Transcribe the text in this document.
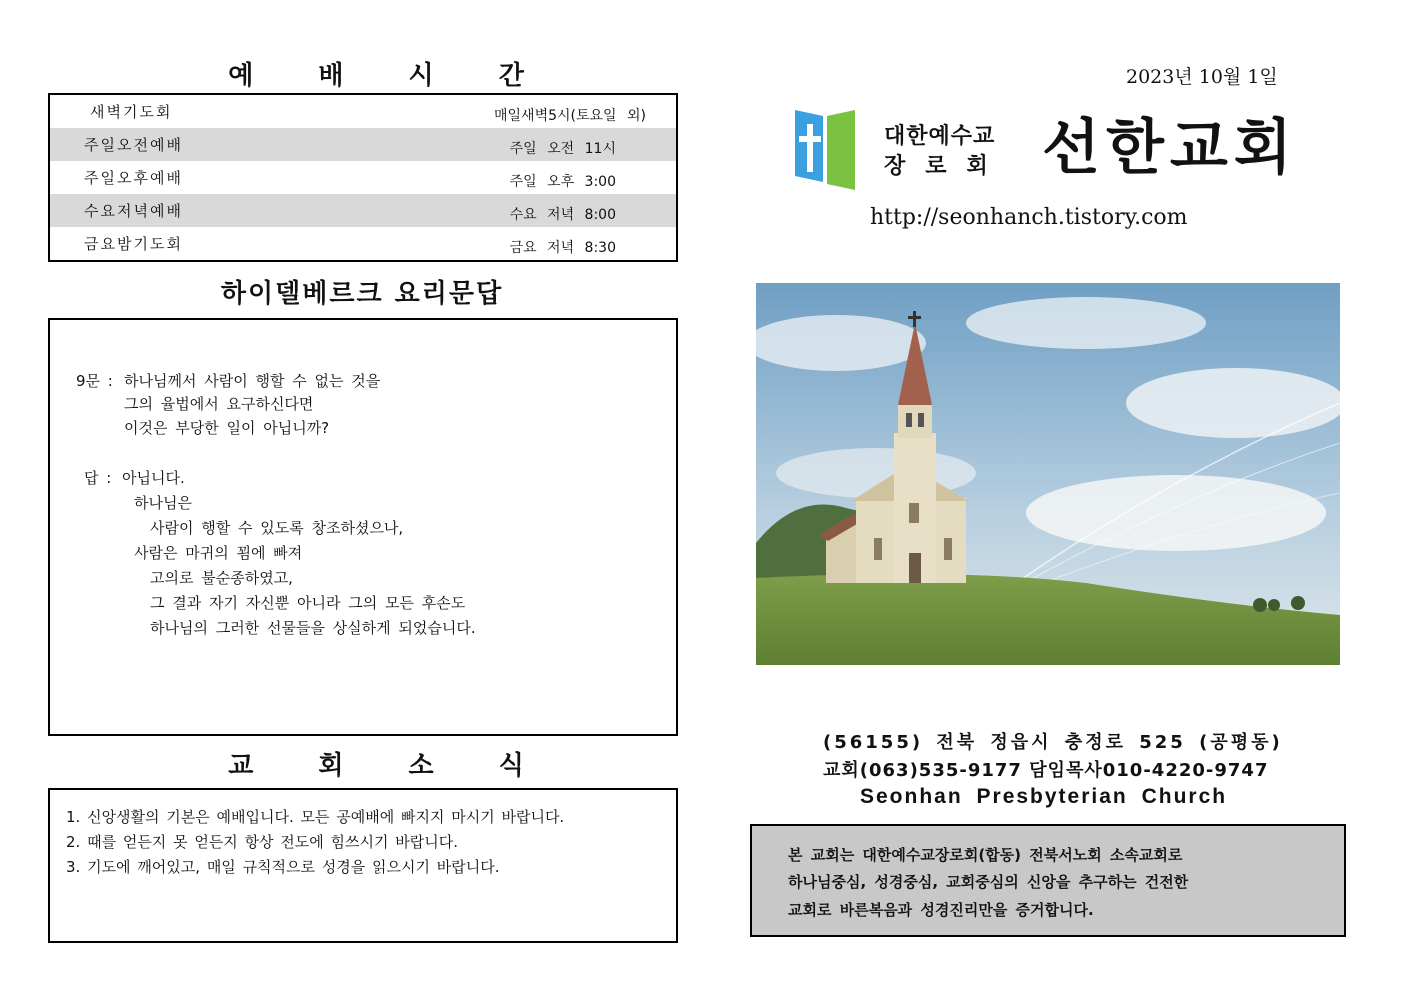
예 배 시 간
새벽기도회	매일새벽5시(토요일 외)
주일오전예배	주일 오전 11시
주일오후예배	주일 오후 3:00
수요저녁예배	수요 저녁 8:00
금요밤기도회	금요 저녁 8:30
하이델베르크 요리문답
9문 : 하나님께서 사람이 행할 수 없는 것을
그의 율법에서 요구하신다면
이것은 부당한 일이 아닙니까?
답 : 아닙니다.
하나님은
사람이 행할 수 있도록 창조하셨으나,
사람은 마귀의 꾐에 빠져
고의로 불순종하였고,
그 결과 자기 자신뿐 아니라 그의 모든 후손도
하나님의 그러한 선물들을 상실하게 되었습니다.
교 회 소 식
1. 신앙생활의 기본은 예배입니다. 모든 공예배에 빠지지 마시기 바랍니다.
2. 때를 얻든지 못 얻든지 항상 전도에 힘쓰시기 바랍니다.
3. 기도에 깨어있고, 매일 규칙적으로 성경을 읽으시기 바랍니다.
2023년 10월 1일
대한예수교
장로회 선한교회
http://seonhanch.tistory.com
(56155) 전북 정읍시 충정로 525 (공평동)
교회(063)535-9177 담임목사010-4220-9747
Seonhan Presbyterian Church
본 교회는 대한예수교장로회(합동) 전북서노회 소속교회로
하나님중심, 성경중심, 교회중심의 신앙을 추구하는 건전한
교회로 바른복음과 성경진리만을 증거합니다.
